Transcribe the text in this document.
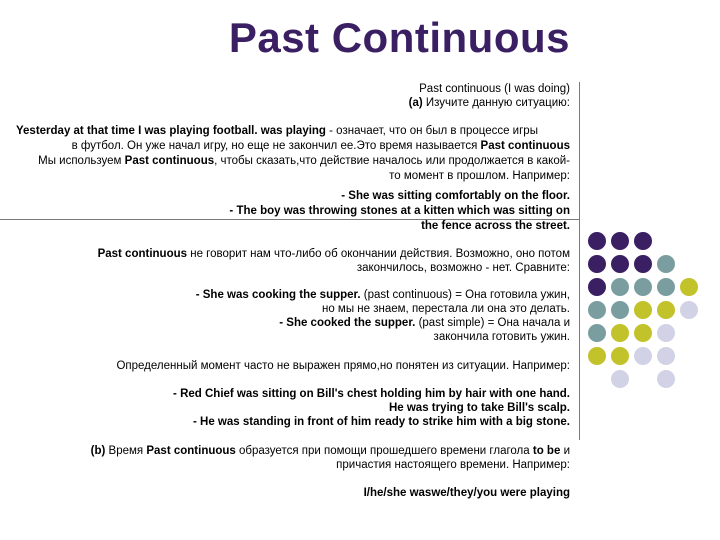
Past Continuous
Past continuous (I was doing)
(a) Изучите данную ситуацию:
Yesterday at that time I was playing football. was playing - означает, что он был в процессе игры
в футбол. Он уже начал игру, но еще не закончил ее.Это время называется Past continuous
Мы используем Past continuous, чтобы сказать,что действие началось или продолжается в какой-
то момент в прошлом. Например:
- She was sitting comfortably on the floor.
- The boy was throwing stones at a kitten which was sitting on
the fence across the street.
Past continuous не говорит нам что-либо об окончании действия. Возможно, оно потом
закончилось, возможно - нет. Сравните:
- She was cooking the supper. (past continuous) = Она готовила ужин,
но мы не знаем, перестала ли она это делать.
- She cooked the supper. (past simple) = Она начала и
закончила готовить ужин.
Определенный момент часто не выражен прямо,но понятен из ситуации. Например:
- Red Chief was sitting on Bill's chest holding him by hair with one hand.
He was trying to take Bill's scalp.
- He was standing in front of him ready to strike him with a big stone.
(b) Время Past continuous образуется при помощи прошедшего времени глагола to be и
причастия настоящего времени. Например:
I/he/she waswe/they/you were playing
